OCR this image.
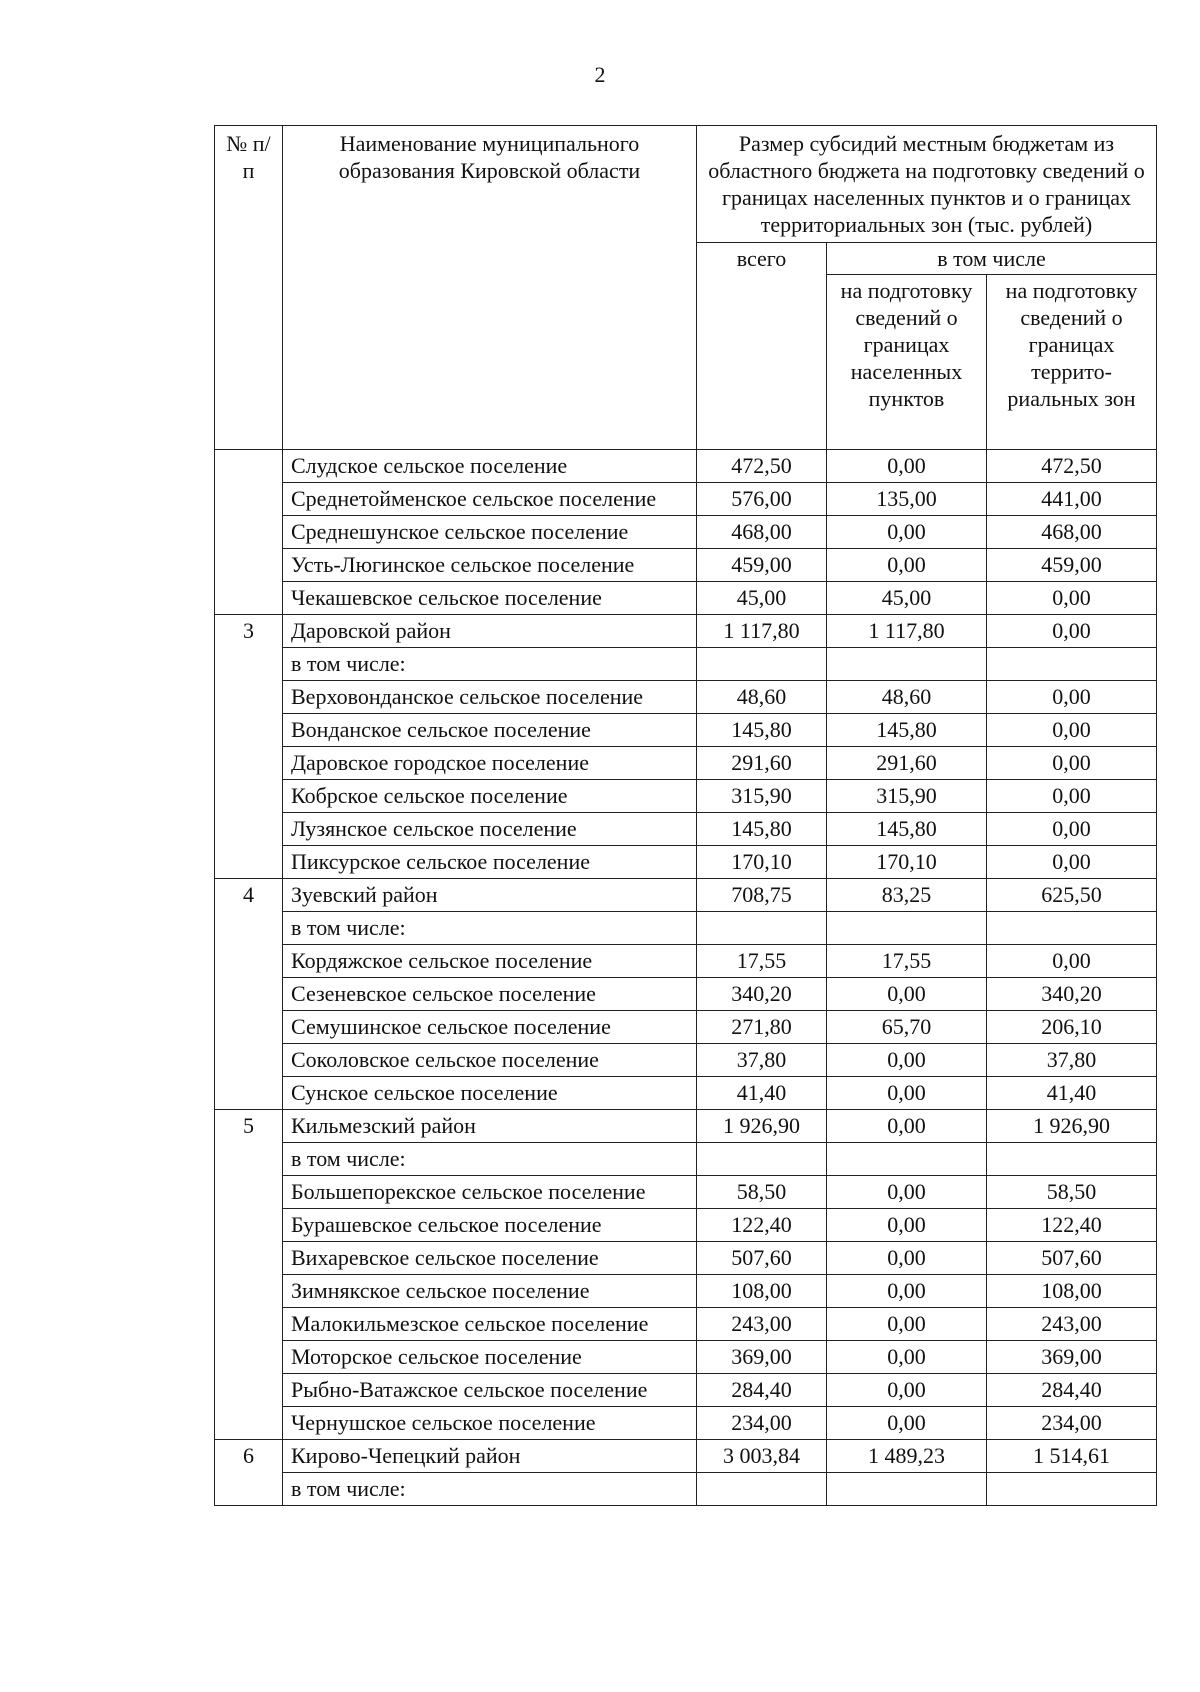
2
№ п/п	Наименование муниципального образования Кировской области	Размер субсидий местным бюджетам из областного бюджета на подготовку сведений о границах населенных пунктов и о границах территориальных зон (тыс. рублей)		
		всего	в том числе	
			на подготовку сведений о границах населенных пунктов	на подготовку сведений о границах террито-риальных зон
	Слудское сельское поселение	472,50	0,00	472,50
	Среднетойменское сельское поселение	576,00	135,00	441,00
	Среднешунское сельское поселение	468,00	0,00	468,00
	Усть-Люгинское сельское поселение	459,00	0,00	459,00
	Чекашевское сельское поселение	45,00	45,00	0,00
3	Даровской район	1 117,80	1 117,80	0,00
	в том числе:			
	Верховонданское сельское поселение	48,60	48,60	0,00
	Вонданское сельское поселение	145,80	145,80	0,00
	Даровское городское поселение	291,60	291,60	0,00
	Кобрское сельское поселение	315,90	315,90	0,00
	Лузянское сельское поселение	145,80	145,80	0,00
	Пиксурское сельское поселение	170,10	170,10	0,00
4	Зуевский район	708,75	83,25	625,50
	в том числе:			
	Кордяжское сельское поселение	17,55	17,55	0,00
	Сезеневское сельское поселение	340,20	0,00	340,20
	Семушинское сельское поселение	271,80	65,70	206,10
	Соколовское сельское поселение	37,80	0,00	37,80
	Сунское сельское поселение	41,40	0,00	41,40
5	Кильмезский район	1 926,90	0,00	1 926,90
	в том числе:			
	Большепорекское сельское поселение	58,50	0,00	58,50
	Бурашевское сельское поселение	122,40	0,00	122,40
	Вихаревское сельское поселение	507,60	0,00	507,60
	Зимнякское сельское поселение	108,00	0,00	108,00
	Малокильмезское сельское поселение	243,00	0,00	243,00
	Моторское сельское поселение	369,00	0,00	369,00
	Рыбно-Ватажское сельское поселение	284,40	0,00	284,40
	Чернушское сельское поселение	234,00	0,00	234,00
6	Кирово-Чепецкий район	3 003,84	1 489,23	1 514,61
	в том числе:			
